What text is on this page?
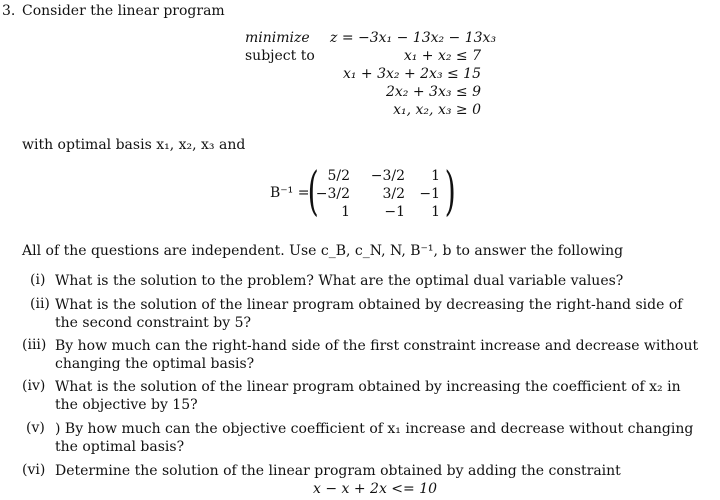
3. Consider the linear program
minimize
subject to
z = −3x₁ − 13x₂ − 13x₃
x₁ + x₂ ≤ 7
x₁ + 3x₂ + 2x₃ ≤ 15
2x₂ + 3x₃ ≤ 9
x₁, x₂, x₃ ≥ 0
with optimal basis x₁, x₂, x₃ and
B⁻¹ =
( )
5/2	−3/2	1
−3/2	3/2	−1
1	−1	1
All of the questions are independent. Use c_B, c_N, N, B⁻¹, b to answer the following
(i) What is the solution to the problem? What are the optimal dual variable values?
(ii) What is the solution of the linear program obtained by decreasing the right-hand side of the second constraint by 5?
(iii) By how much can the right-hand side of the first constraint increase and decrease without changing the optimal basis?
(iv) What is the solution of the linear program obtained by increasing the coefficient of x₂ in the objective by 15?
(v) ) By how much can the objective coefficient of x₁ increase and decrease without changing the optimal basis?
(vi) Determine the solution of the linear program obtained by adding the constraint
x − x + 2x <= 10
